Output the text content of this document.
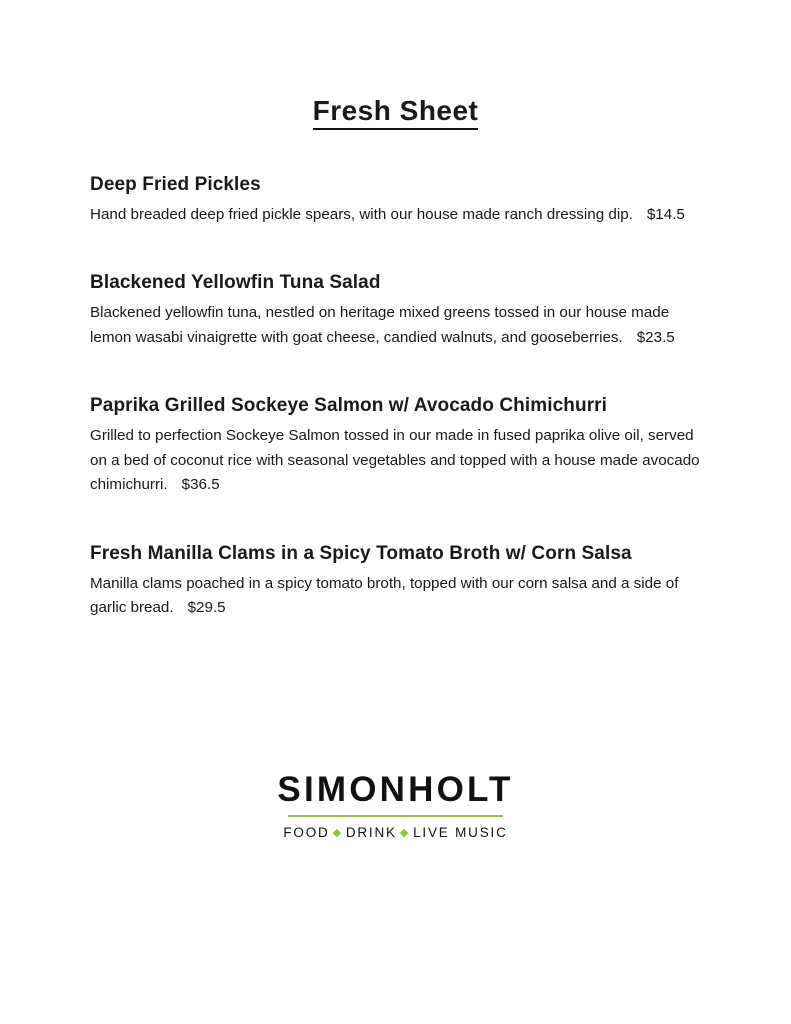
Fresh Sheet

Deep Fried Pickles

Hand breaded deep fried pickle spears, with our house made ranch dressing dip. $14.5

Blackened Yellowfin Tuna Salad

Blackened yellowfin tuna, nestled on heritage mixed greens tossed in our house made lemon wasabi vinaigrette with goat cheese, candied walnuts, and gooseberries. $23.5

Paprika Grilled Sockeye Salmon w/ Avocado Chimichurri

Grilled to perfection Sockeye Salmon tossed in our made in fused paprika olive oil, served on a bed of coconut rice with seasonal vegetables and topped with a house made avocado chimichurri. $36.5

Fresh Manilla Clams in a Spicy Tomato Broth w/ Corn Salsa

Manilla clams poached in a spicy tomato broth, topped with our corn salsa and a side of garlic bread. $29.5

SIMONHOLT
FOOD ◆ DRINK ◆ LIVE MUSIC
